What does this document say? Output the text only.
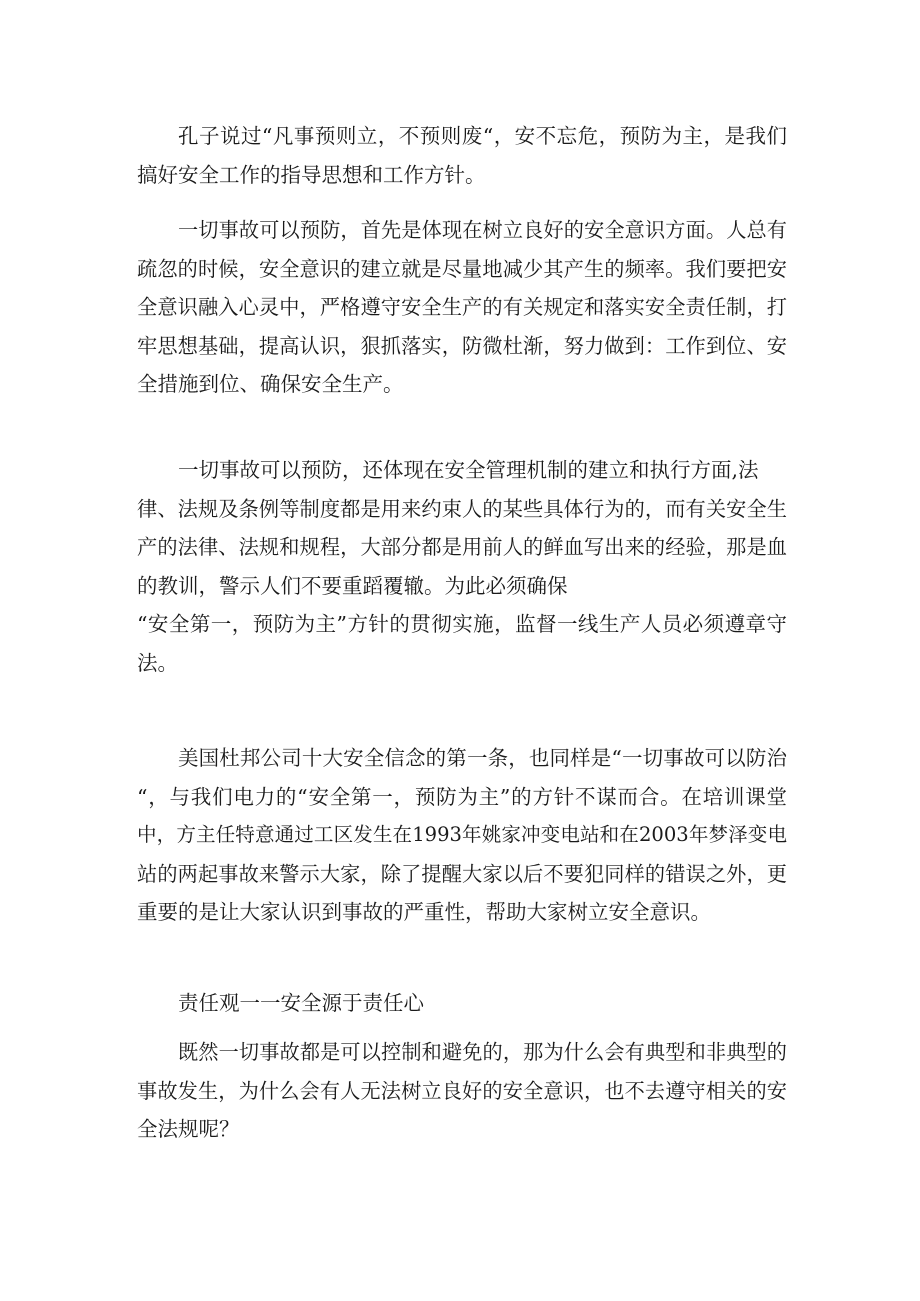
孔子说过“凡事预则立，不预则废“，安不忘危，预防为主，是我们
搞好安全工作的指导思想和工作方针。
一切事故可以预防，首先是体现在树立良好的安全意识方面。人总有
疏忽的时候，安全意识的建立就是尽量地减少其产生的频率。我们要把安
全意识融入心灵中，严格遵守安全生产的有关规定和落实安全责任制，打
牢思想基础，提高认识，狠抓落实，防微杜渐，努力做到：工作到位、安
全措施到位、确保安全生产。
一切事故可以预防，还体现在安全管理机制的建立和执行方面,法
律、法规及条例等制度都是用来约束人的某些具体行为的，而有关安全生
产的法律、法规和规程，大部分都是用前人的鲜血写出来的经验，那是血
的教训，警示人们不要重蹈覆辙。为此必须确保
“安全第一，预防为主”方针的贯彻实施，监督一线生产人员必须遵章守
法。
美国杜邦公司十大安全信念的第一条，也同样是“一切事故可以防治
“，与我们电力的“安全第一，预防为主”的方针不谋而合。在培训课堂
中，方主任特意通过工区发生在1993年姚家冲变电站和在2003年梦泽变电
站的两起事故来警示大家，除了提醒大家以后不要犯同样的错误之外，更
重要的是让大家认识到事故的严重性，帮助大家树立安全意识。
责任观一一安全源于责任心
既然一切事故都是可以控制和避免的，那为什么会有典型和非典型的
事故发生，为什么会有人无法树立良好的安全意识，也不去遵守相关的安
全法规呢？
